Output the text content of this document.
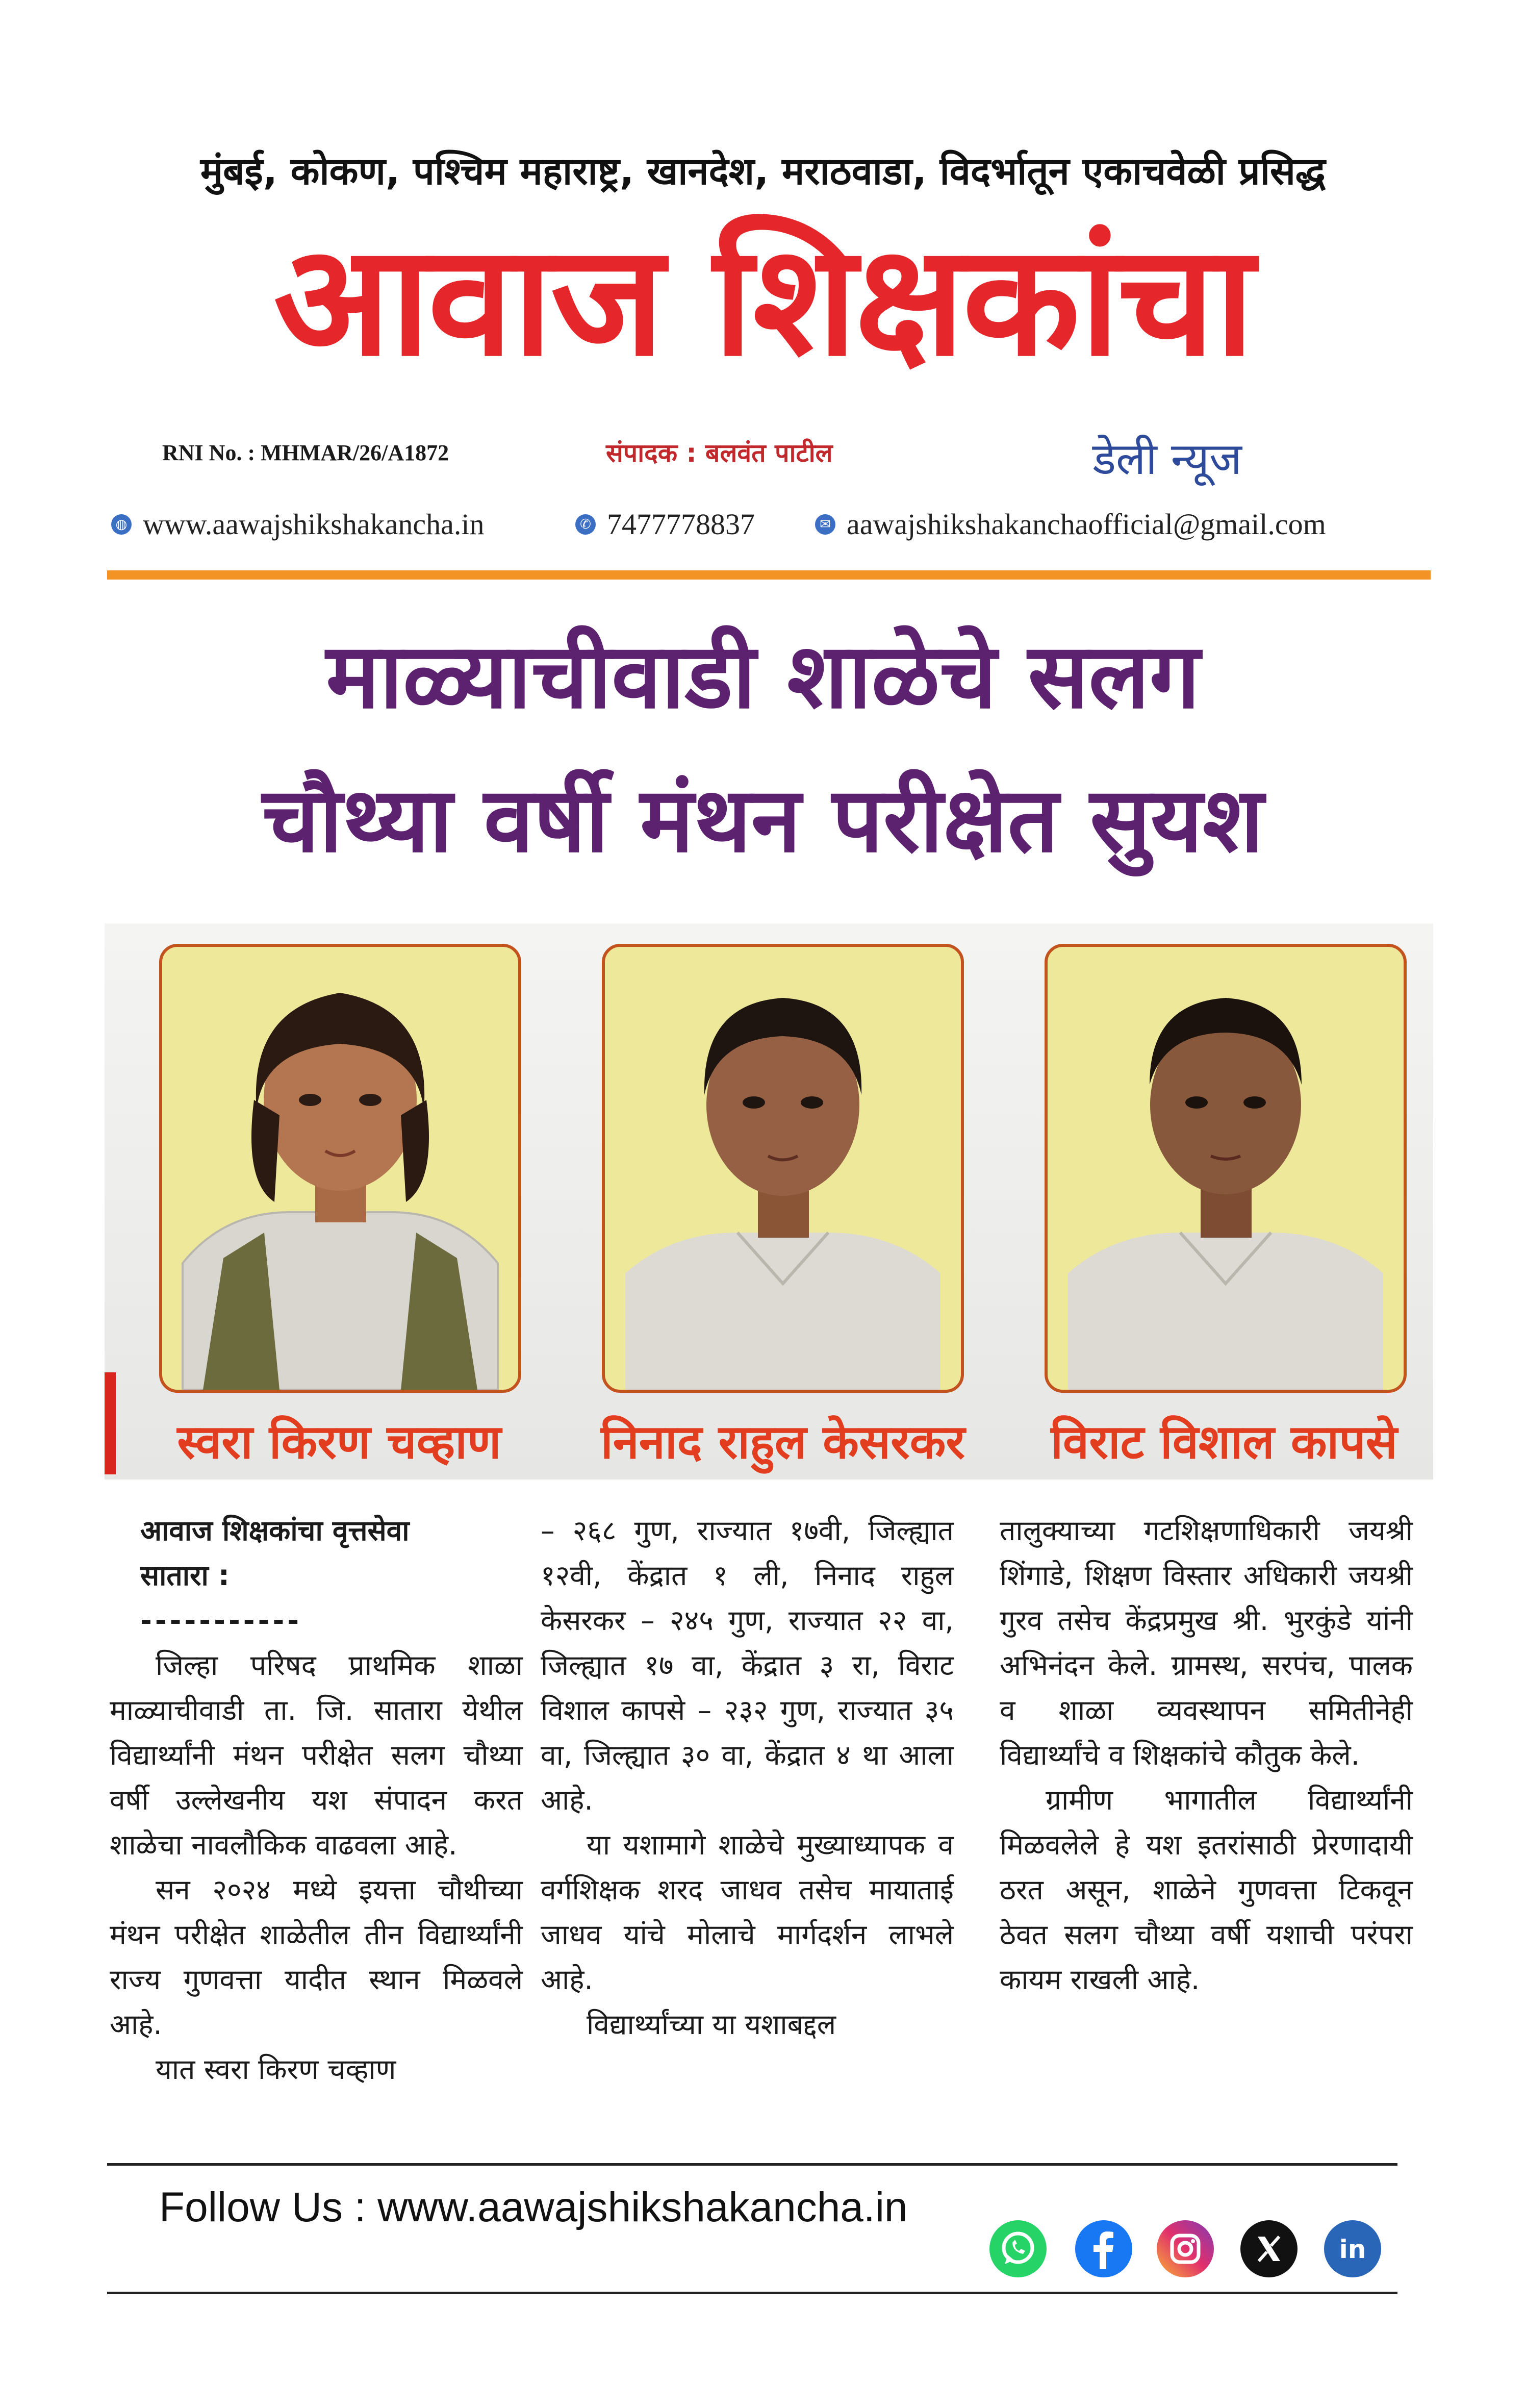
मुंबई, कोकण, पश्चिम महाराष्ट्र, खानदेश, मराठवाडा, विदर्भातून एकाचवेळी प्रसिद्ध
आवाज शिक्षकांचा
RNI No. : MHMAR/26/A1872	संपादक : बलवंत पाटील	डेली न्यूज
◍ www.aawajshikshakancha.in	✆ 7477778837	✉ aawajshikshakanchaofficial@gmail.com
माळ्याचीवाडी शाळेचे सलग
चौथ्या वर्षी मंथन परीक्षेत सुयश
स्वरा किरण चव्हाण	निनाद राहुल केसरकर	विराट विशाल कापसे

आवाज शिक्षकांचा वृत्तसेवा

सातारा :

-----------

जिल्हा परिषद प्राथमिक शाळा माळ्याचीवाडी ता. जि. सातारा येथील विद्यार्थ्यांनी मंथन परीक्षेत सलग चौथ्या वर्षी उल्लेखनीय यश संपादन करत शाळेचा नावलौकिक वाढवला आहे.

सन २०२४ मध्ये इयत्ता चौथीच्या मंथन परीक्षेत शाळेतील तीन विद्यार्थ्यांनी राज्य गुणवत्ता यादीत स्थान मिळवले आहे.

यात स्वरा किरण चव्हाण

– २६८ गुण, राज्यात १७वी, जिल्ह्यात १२वी, केंद्रात १ ली, निनाद राहुल केसरकर – २४५ गुण, राज्यात २२ वा, जिल्ह्यात १७ वा, केंद्रात ३ रा, विराट विशाल कापसे – २३२ गुण, राज्यात ३५ वा, जिल्ह्यात ३० वा, केंद्रात ४ था आला आहे.

या यशामागे शाळेचे मुख्याध्यापक व वर्गशिक्षक शरद जाधव तसेच मायाताई जाधव यांचे मोलाचे मार्गदर्शन लाभले आहे.

विद्यार्थ्यांच्या या यशाबद्दल

तालुक्याच्या गटशिक्षणाधिकारी जयश्री शिंगाडे, शिक्षण विस्तार अधिकारी जयश्री गुरव तसेच केंद्रप्रमुख श्री. भुरकुंडे यांनी अभिनंदन केले. ग्रामस्थ, सरपंच, पालक व शाळा व्यवस्थापन समितीनेही विद्यार्थ्यांचे व शिक्षकांचे कौतुक केले.

ग्रामीण भागातील विद्यार्थ्यांनी मिळवलेले हे यश इतरांसाठी प्रेरणादायी ठरत असून, शाळेने गुणवत्ता टिकवून ठेवत सलग चौथ्या वर्षी यशाची परंपरा कायम राखली आहे.

Follow Us : www.aawajshikshakancha.in
in
